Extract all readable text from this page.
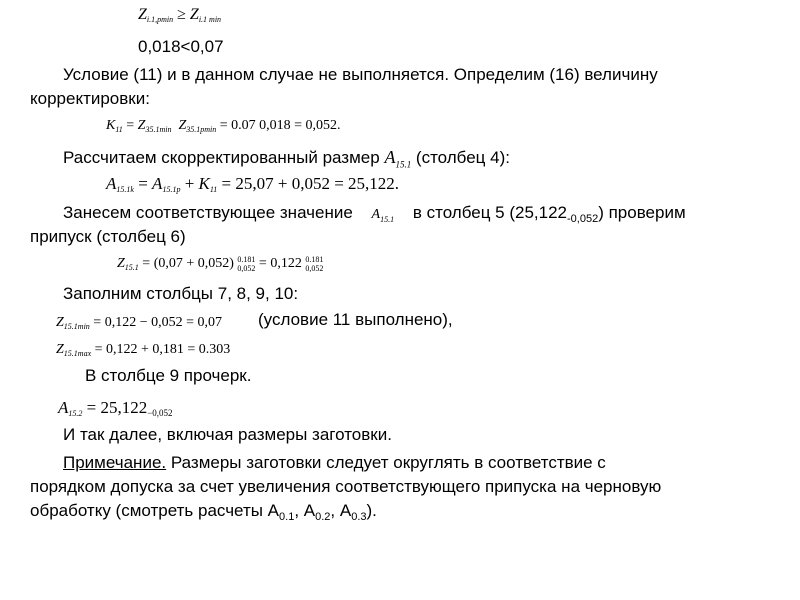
$Z_{i.1,pmin} \ge Z_{i.1 min}$
0,018<0,07
Условие (11) и в данном случае не выполняется. Определим (16) величину
корректировки:
$K_{11} = Z_{35.1min}$ $Z_{35.1pmin} = 0.07$ 0,018 = 0,052.
Рассчитаем скорректированный размер $A_{15.1}$ (столбец 4):
$A_{15.1k} = A_{15.1p} + K_{11} = 25,07 + 0,052 = 25,122$.
Занесем соответствующее значение $A_{15.1}$ в столбец 5 $(25,122_{-0,052})$ проверим
припуск (столбец 6)
$Z_{15.1} = (0,07 + 0,052)$ 0.181
0,052 = 0,122 0.181
0,052
Заполним столбцы 7, 8, 9, 10:
$Z_{15.1min} = 0,122 - 0,052 = 0,07$ (условие 11 выполнено),
$Z_{15.1max} = 0,122 + 0,181 = 0.303$
В столбце 9 прочерк.
$A_{15.2} = 25,122_{-0,052}$
И так далее, включая размеры заготовки.
Примечание. Размеры заготовки следует округлять в соответствие с
порядком допуска за счет увеличения соответствующего припуска на черновую
обработку (смотреть расчеты $А_{0.1}$, $А_{0.2}$, $А_{0.3}$).
